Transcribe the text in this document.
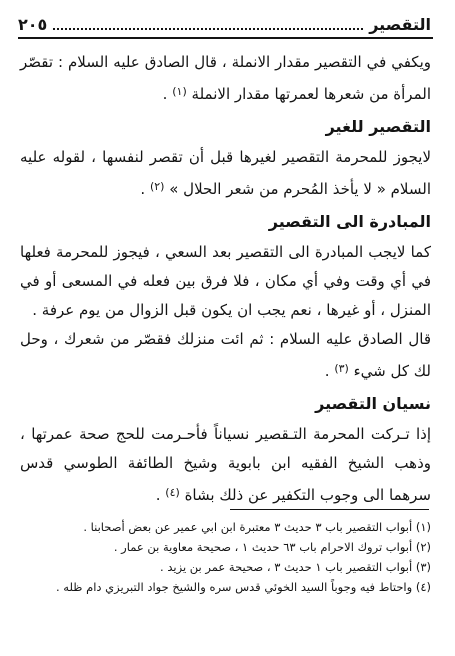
التقصير
٢٠٥

ويكفي في التقصير مقدار الانملة ، قال الصادق عليه السلام : تقصّر المرأة من شعرها لعمرتها مقدار الانملة $^{(١)}$ .

التقصير للغير

لايجوز للمحرمة التقصير لغيرها قبل أن تقصر لنفسها ، لقوله عليه السلام « لا يأخذ المُحرم من شعر الحلال » $^{(٢)}$ .

المبادرة الى التقصير

كما لايجب المبادرة الى التقصير بعد السعي ، فيجوز للمحرمة فعلها في أي وقت وفي أي مكان ، فلا فرق بين فعله في المسعى أو في المنزل ، أو غيرها ، نعم يجب ان يكون قبل الزوال من يوم عرفة .

قال الصادق عليه السلام : ثم ائت منزلك فقصّر من شعرك ، وحل لك كل شيء $^{(٣)}$ .

نسيان التقصير

إذا تـركت المحرمة التـقصير نسياناً فأحـرمت للحج صحة عمرتها ، وذهب الشيخ الفقيه ابن بابوية وشيخ الطائفة الطوسي قدس سرهما الى وجوب التكفير عن ذلك بشاة $^{(٤)}$ .

(١) أبواب التقصير باب ٣ حديث ٣ معتبرة ابن ابي عمير عن بعض أصحابنا .

(٢) أبواب تروك الاحرام باب ٦٣ حديث ١ ، صحيحة معاوية بن عمار .

(٣) أبواب التقصير باب ١ حديث ٣ ، صحيحة عمر بن يزيد .

(٤) واحتاط فيه وجوباً السيد الخوئي قدس سره والشيخ جواد التبريزي دام ظله .
